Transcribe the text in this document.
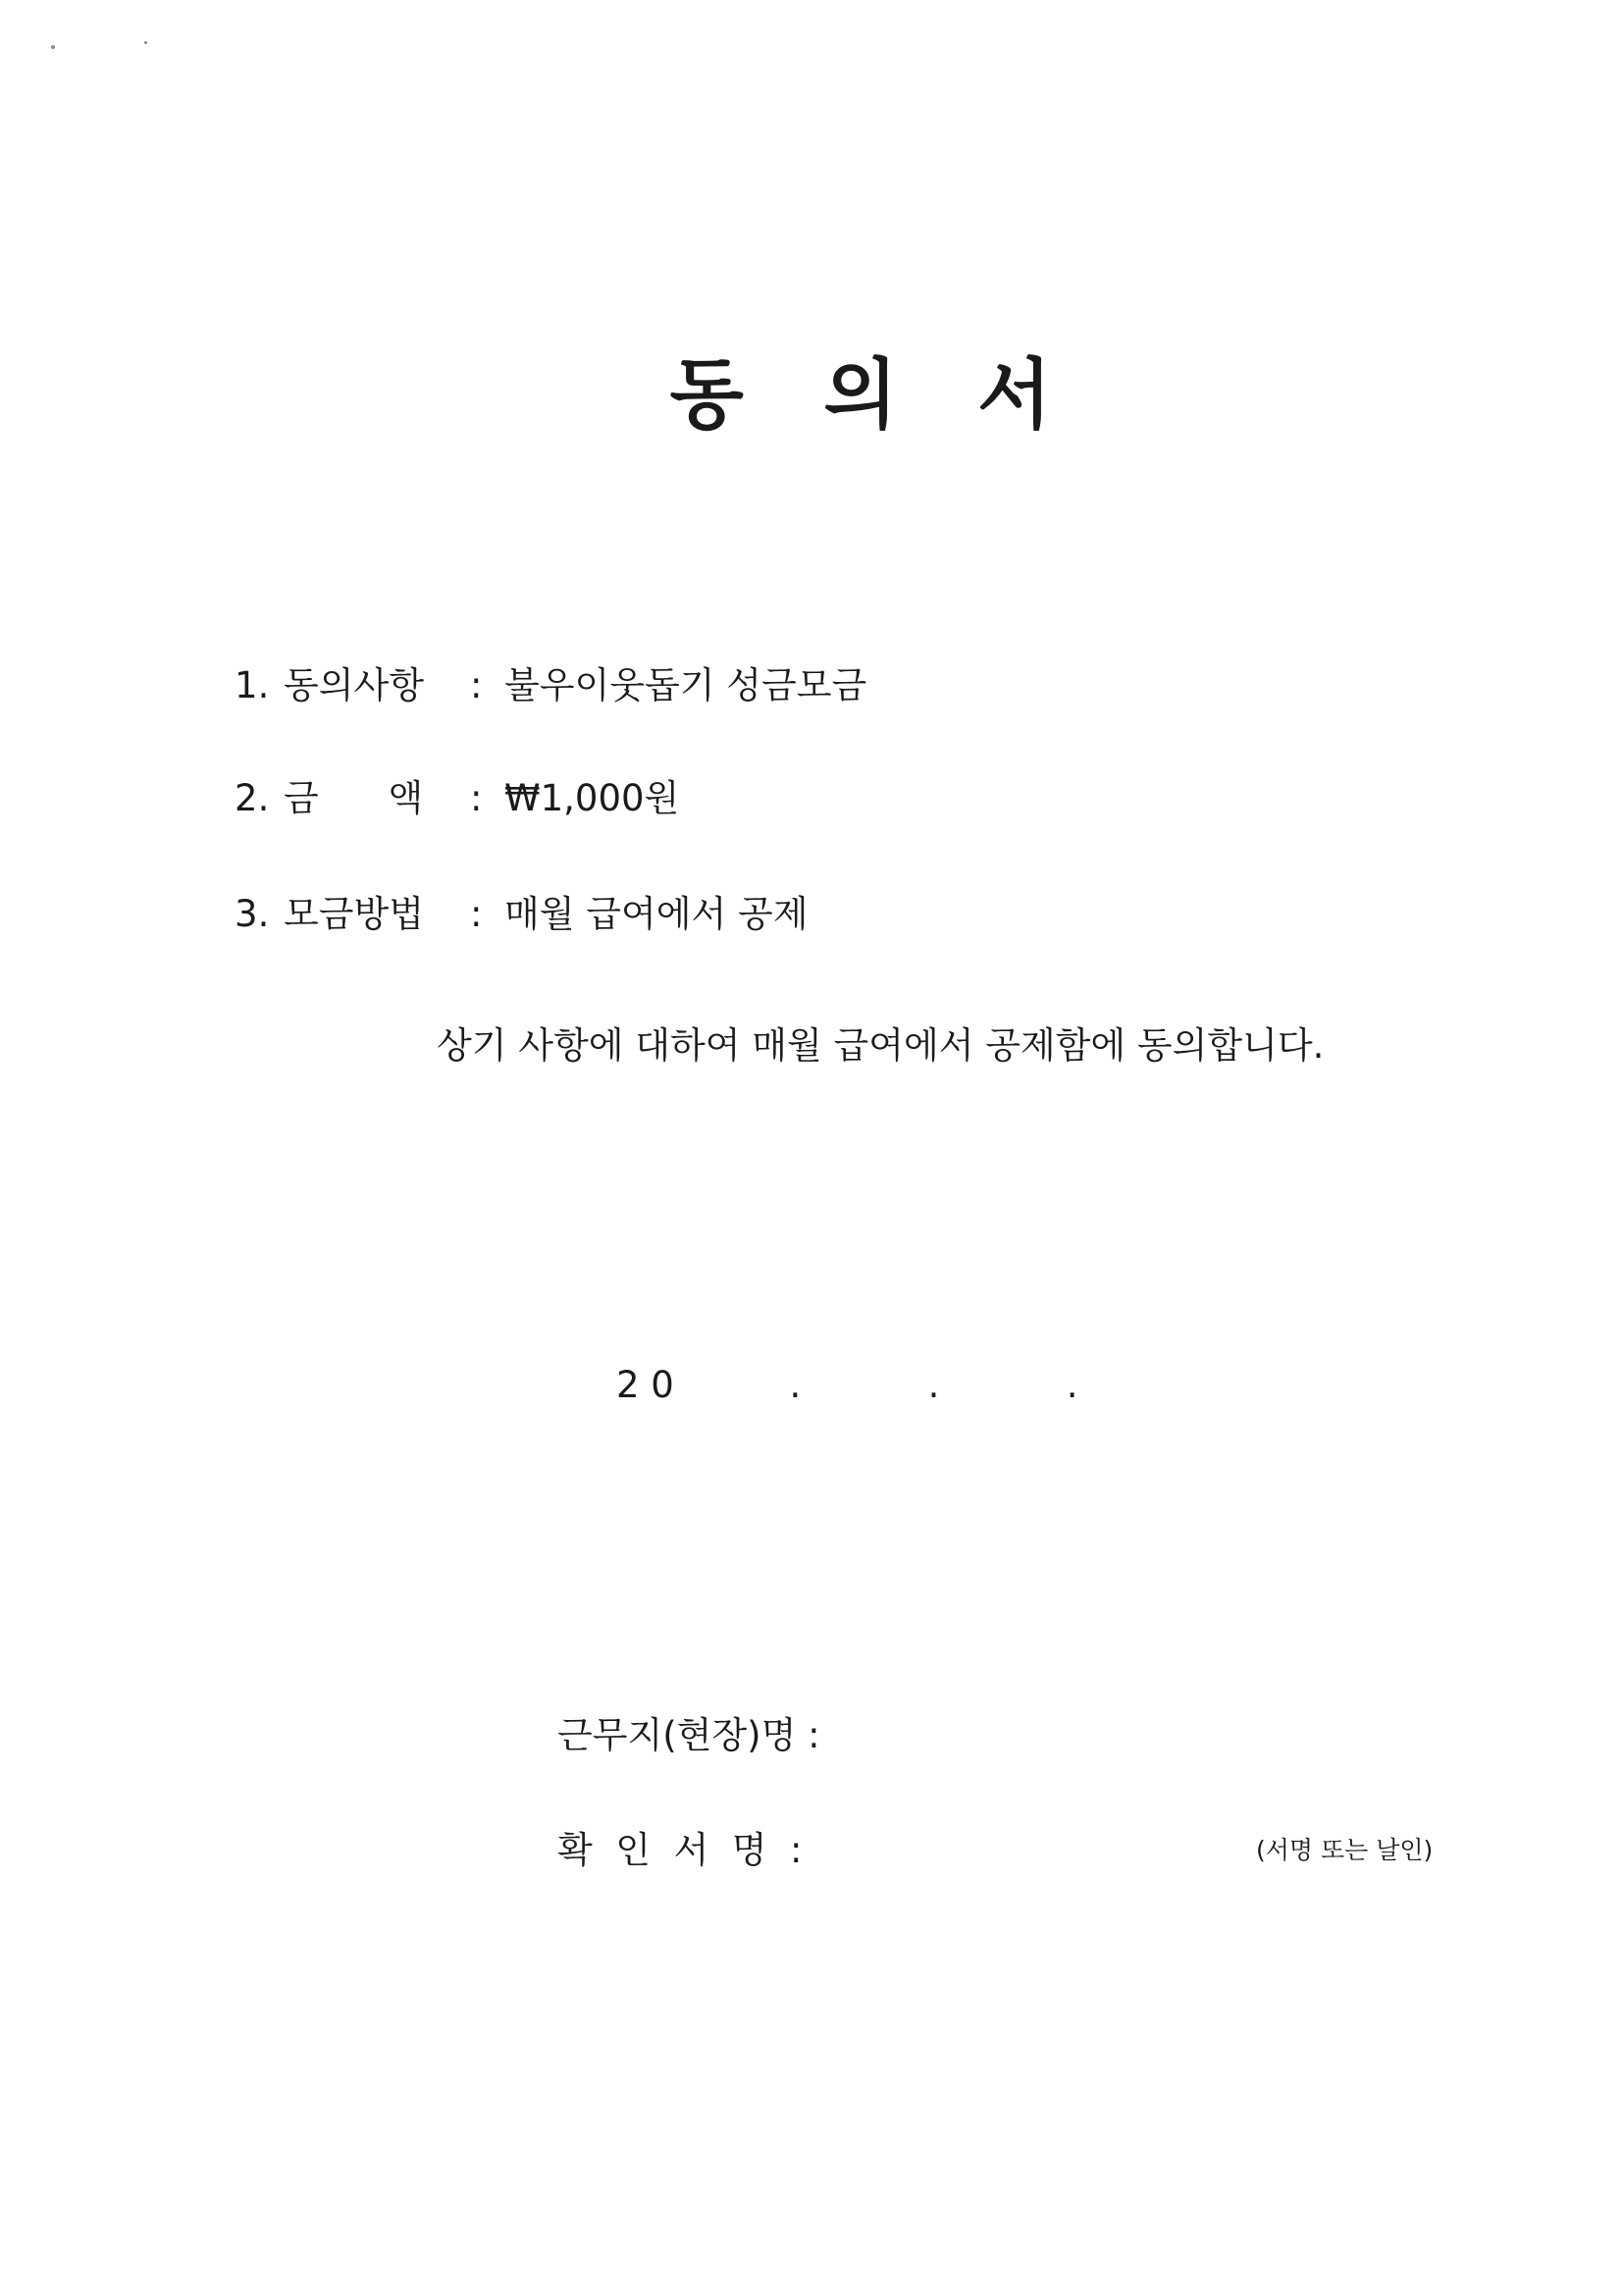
동   의   서

1. 동의사항 : 불우이웃돕기 성금모금

2. 금      액 : ₩1,000원

3. 모금방법 : 매월 급여에서 공제

상기 사항에 대하여 매월 급여에서 공제함에 동의합니다.
2 0          .           .           .
근무지(현장)명 :
확  인  서  명  :	(서명 또는 날인)
